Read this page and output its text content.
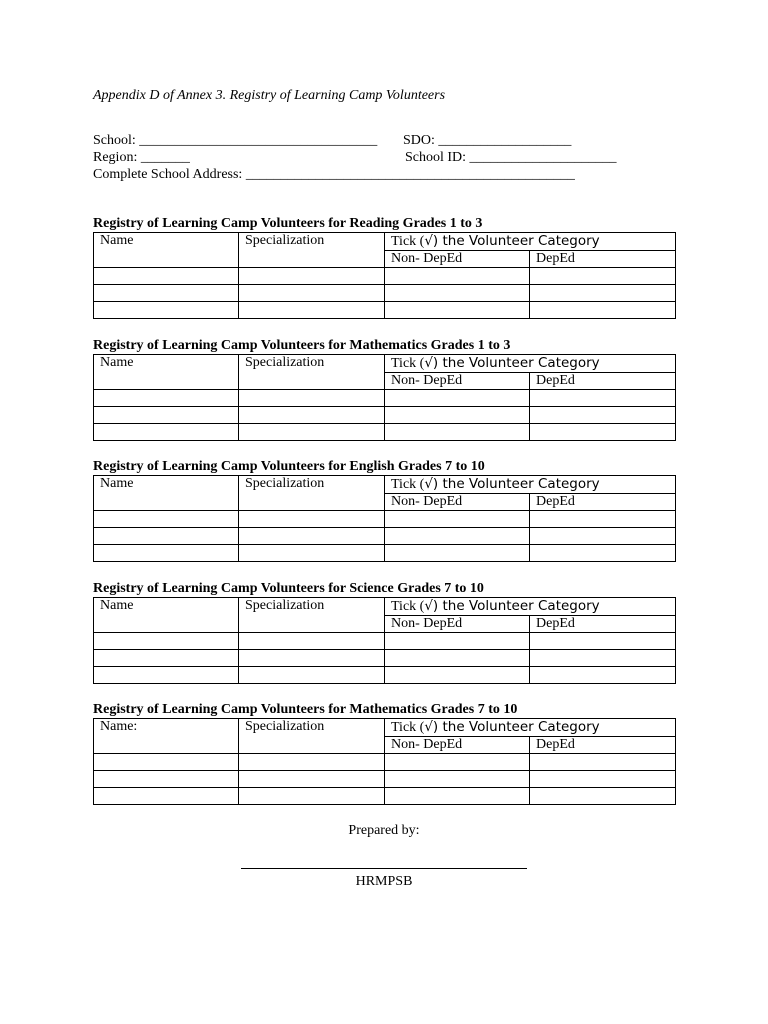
Appendix D of Annex 3. Registry of Learning Camp Volunteers
School: __________________________________ SDO: ___________________
Region: _______	School ID: _____________________
Complete School Address: _______________________________________________
Registry of Learning Camp Volunteers for Reading Grades 1 to 3
Name	Specialization	Tick (√) the Volunteer Category	
		Non- DepEd	DepEd

Registry of Learning Camp Volunteers for Mathematics Grades 1 to 3
Name	Specialization	Tick (√) the Volunteer Category	
		Non- DepEd	DepEd

Registry of Learning Camp Volunteers for English Grades 7 to 10
Name	Specialization	Tick (√) the Volunteer Category	
		Non- DepEd	DepEd

Registry of Learning Camp Volunteers for Science Grades 7 to 10
Name	Specialization	Tick (√) the Volunteer Category	
		Non- DepEd	DepEd

Registry of Learning Camp Volunteers for Mathematics Grades 7 to 10
Name:	Specialization	Tick (√) the Volunteer Category	
		Non- DepEd	DepEd

Prepared by:
HRMPSB
